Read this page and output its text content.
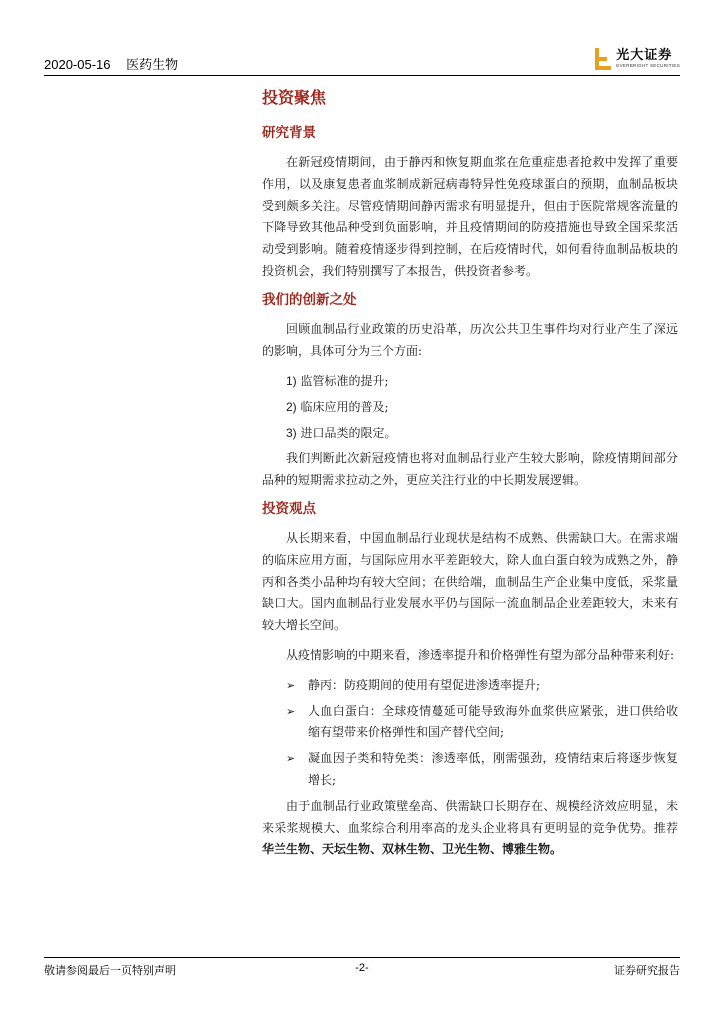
2020-05-16 医药生物
光大证券
EVERBRIGHT SECURITIES
投资聚焦
研究背景

在新冠疫情期间，由于静丙和恢复期血浆在危重症患者抢救中发挥了重要作用，以及康复患者血浆制成新冠病毒特异性免疫球蛋白的预期，血制品板块受到颇多关注。尽管疫情期间静丙需求有明显提升，但由于医院常规客流量的下降导致其他品种受到负面影响，并且疫情期间的防疫措施也导致全国采浆活动受到影响。随着疫情逐步得到控制，在后疫情时代，如何看待血制品板块的投资机会，我们特别撰写了本报告，供投资者参考。

我们的创新之处

回顾血制品行业政策的历史沿革，历次公共卫生事件均对行业产生了深远的影响，具体可分为三个方面:

1) 监管标准的提升;
2) 临床应用的普及;
3) 进口品类的限定。

我们判断此次新冠疫情也将对血制品行业产生较大影响，除疫情期间部分品种的短期需求拉动之外，更应关注行业的中长期发展逻辑。

投资观点

从长期来看，中国血制品行业现状是结构不成熟、供需缺口大。在需求端的临床应用方面，与国际应用水平差距较大，除人血白蛋白较为成熟之外，静丙和各类小品种均有较大空间；在供给端，血制品生产企业集中度低，采浆量缺口大。国内血制品行业发展水平仍与国际一流血制品企业差距较大，未来有较大增长空间。

从疫情影响的中期来看，渗透率提升和价格弹性有望为部分品种带来利好:

➢ 静丙：防疫期间的使用有望促进渗透率提升;
➢ 人血白蛋白：全球疫情蔓延可能导致海外血浆供应紧张，进口供给收缩有望带来价格弹性和国产替代空间;
➢ 凝血因子类和特免类：渗透率低，刚需强劲，疫情结束后将逐步恢复增长;

由于血制品行业政策壁垒高、供需缺口长期存在、规模经济效应明显，未来采浆规模大、血浆综合利用率高的龙头企业将具有更明显的竞争优势。推荐华兰生物、天坛生物、双林生物、卫光生物、博雅生物。

敬请参阅最后一页特别声明	-2-	证券研究报告
